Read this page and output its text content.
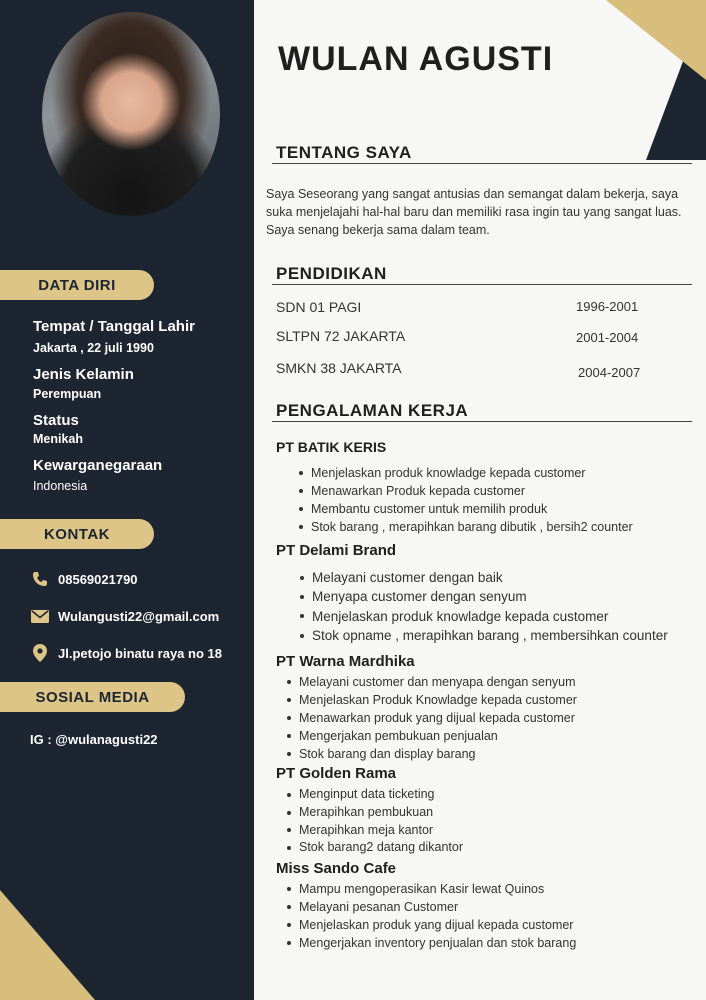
DATA DIRI
Tempat / Tanggal Lahir
Jakarta , 22 juli 1990
Jenis Kelamin
Perempuan
Status
Menikah
Kewarganegaraan
Indonesia
KONTAK
08569021790
Wulangusti22@gmail.com
Jl.petojo binatu raya no 18
SOSIAL MEDIA
IG : @wulanagusti22
WULAN AGUSTI
TENTANG SAYA
Saya Seseorang yang sangat antusias dan semangat dalam bekerja, saya suka menjelajahi hal-hal baru dan memiliki rasa ingin tau yang sangat luas. Saya senang bekerja sama dalam team.
PENDIDIKAN
SDN 01 PAGI	1996-2001
SLTPN 72 JAKARTA	2001-2004
SMKN 38 JAKARTA	2004-2007
PENGALAMAN KERJA
PT BATIK KERIS
Menjelaskan produk knowladge kepada customer
Menawarkan Produk kepada customer
Membantu customer untuk memilih produk
Stok barang , merapihkan barang dibutik , bersih2 counter
PT Delami Brand
Melayani customer dengan baik
Menyapa customer dengan senyum
Menjelaskan produk knowladge kepada customer
Stok opname , merapihkan barang , membersihkan counter
PT Warna Mardhika
Melayani customer dan menyapa dengan senyum
Menjelaskan Produk Knowladge kepada customer
Menawarkan produk yang dijual kepada customer
Mengerjakan pembukuan penjualan
Stok barang dan display barang
PT Golden Rama
Menginput data ticketing
Merapihkan pembukuan
Merapihkan meja kantor
Stok barang2 datang dikantor
Miss Sando Cafe
Mampu mengoperasikan Kasir lewat Quinos
Melayani pesanan Customer
Menjelaskan produk yang dijual kepada customer
Mengerjakan inventory penjualan dan stok barang
